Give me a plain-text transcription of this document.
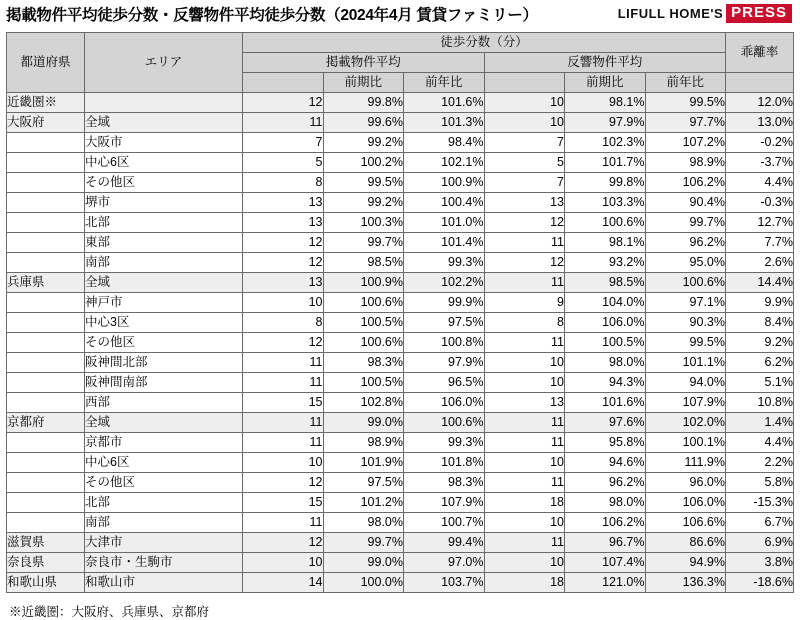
掲載物件平均徒歩分数・反響物件平均徒歩分数（2024年4月 賃貸ファミリー）	LIFULL HOME'S PRESS
都道府県	エリア	徒歩分数（分）						乖離率
		掲載物件平均			反響物件平均			
			前期比	前年比		前期比	前年比	
近畿圏※		12	99.8%	101.6%	10	98.1%	99.5%	12.0%
大阪府	全域	11	99.6%	101.3%	10	97.9%	97.7%	13.0%
	大阪市	7	99.2%	98.4%	7	102.3%	107.2%	-0.2%
	中心6区	5	100.2%	102.1%	5	101.7%	98.9%	-3.7%
	その他区	8	99.5%	100.9%	7	99.8%	106.2%	4.4%
	堺市	13	99.2%	100.4%	13	103.3%	90.4%	-0.3%
	北部	13	100.3%	101.0%	12	100.6%	99.7%	12.7%
	東部	12	99.7%	101.4%	11	98.1%	96.2%	7.7%
	南部	12	98.5%	99.3%	12	93.2%	95.0%	2.6%
兵庫県	全域	13	100.9%	102.2%	11	98.5%	100.6%	14.4%
	神戸市	10	100.6%	99.9%	9	104.0%	97.1%	9.9%
	中心3区	8	100.5%	97.5%	8	106.0%	90.3%	8.4%
	その他区	12	100.6%	100.8%	11	100.5%	99.5%	9.2%
	阪神間北部	11	98.3%	97.9%	10	98.0%	101.1%	6.2%
	阪神間南部	11	100.5%	96.5%	10	94.3%	94.0%	5.1%
	西部	15	102.8%	106.0%	13	101.6%	107.9%	10.8%
京都府	全域	11	99.0%	100.6%	11	97.6%	102.0%	1.4%
	京都市	11	98.9%	99.3%	11	95.8%	100.1%	4.4%
	中心6区	10	101.9%	101.8%	10	94.6%	111.9%	2.2%
	その他区	12	97.5%	98.3%	11	96.2%	96.0%	5.8%
	北部	15	101.2%	107.9%	18	98.0%	106.0%	-15.3%
	南部	11	98.0%	100.7%	10	106.2%	106.6%	6.7%
滋賀県	大津市	12	99.7%	99.4%	11	96.7%	86.6%	6.9%
奈良県	奈良市・生駒市	10	99.0%	97.0%	10	107.4%	94.9%	3.8%
和歌山県	和歌山市	14	100.0%	103.7%	18	121.0%	136.3%	-18.6%
※近畿圏：大阪府、兵庫県、京都府
